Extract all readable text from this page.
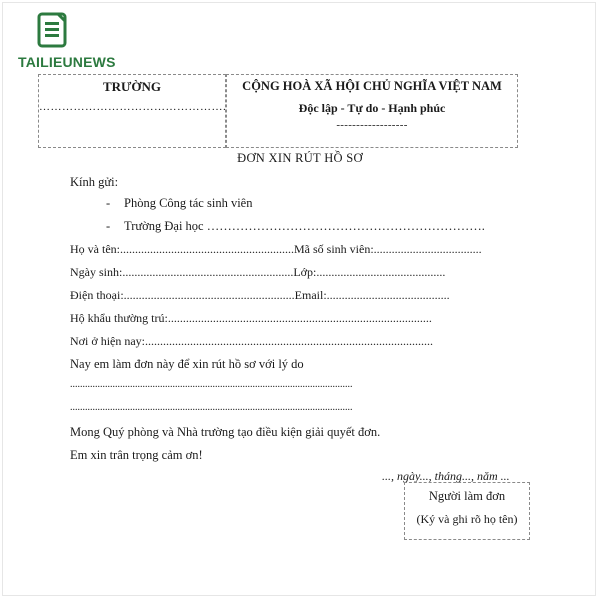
TAILIEUNEWS
TRƯỜNG
………………………………………….
CỘNG HOÀ XÃ HỘI CHỦ NGHĨA VIỆT NAM
Độc lập - Tự do - Hạnh phúc
------------------
ĐƠN XIN RÚT HỒ SƠ
Kính gửi:
- Phòng Công tác sinh viên
- Trường Đại học ………………………………………………………….
Họ và tên:..........................................................Mã số sinh viên:....................................
Ngày sinh:.........................................................Lớp:...........................................
Điện thoại:.........................................................Email:.........................................
Hộ khẩu thường trú:........................................................................................
Nơi ở hiện nay:................................................................................................
Nay em làm đơn này để xin rút hồ sơ với lý do
.................................................................................................................
.................................................................................................................
Mong Quý phòng và Nhà trường tạo điều kiện giải quyết đơn.
Em xin trân trọng cảm ơn!
..., ngày..., tháng..., năm ...
Người làm đơn
(Ký và ghi rõ họ tên)
